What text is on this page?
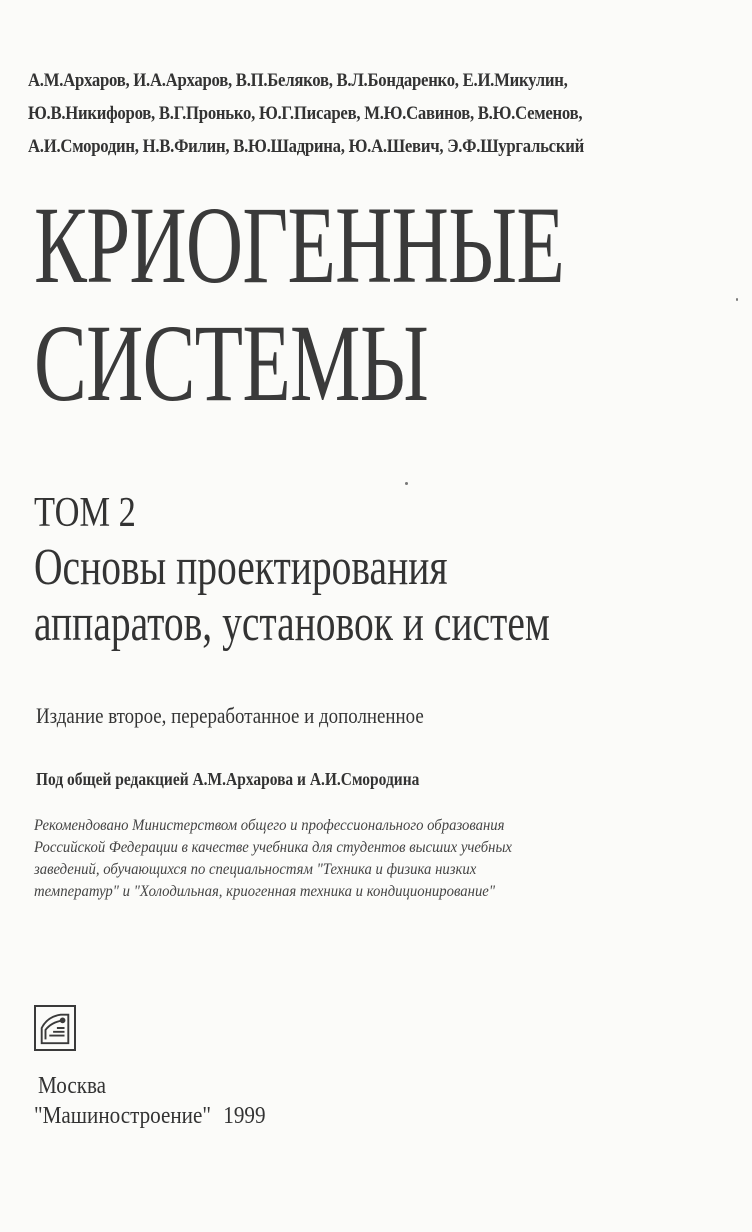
А.М.Архаров, И.А.Архаров, В.П.Беляков, В.Л.Бондаренко, Е.И.Микулин,
Ю.В.Никифоров, В.Г.Пронько, Ю.Г.Писарев, М.Ю.Савинов, В.Ю.Семенов,
А.И.Смородин, Н.В.Филин, В.Ю.Шадрина, Ю.А.Шевич, Э.Ф.Шургальский
КРИОГЕННЫЕ
СИСТЕМЫ
ТОМ 2
Основы проектирования
аппаратов, установок и систем
Издание второе, переработанное и дополненное
Под общей редакцией А.М.Архарова и А.И.Смородина
Рекомендовано Министерством общего и профессионального образования
Российской Федерации в качестве учебника для студентов высших учебных
заведений, обучающихся по специальностям "Техника и физика низких
температур" и "Холодильная, криогенная техника и кондиционирование"
Москва
"Машиностроение" 1999
